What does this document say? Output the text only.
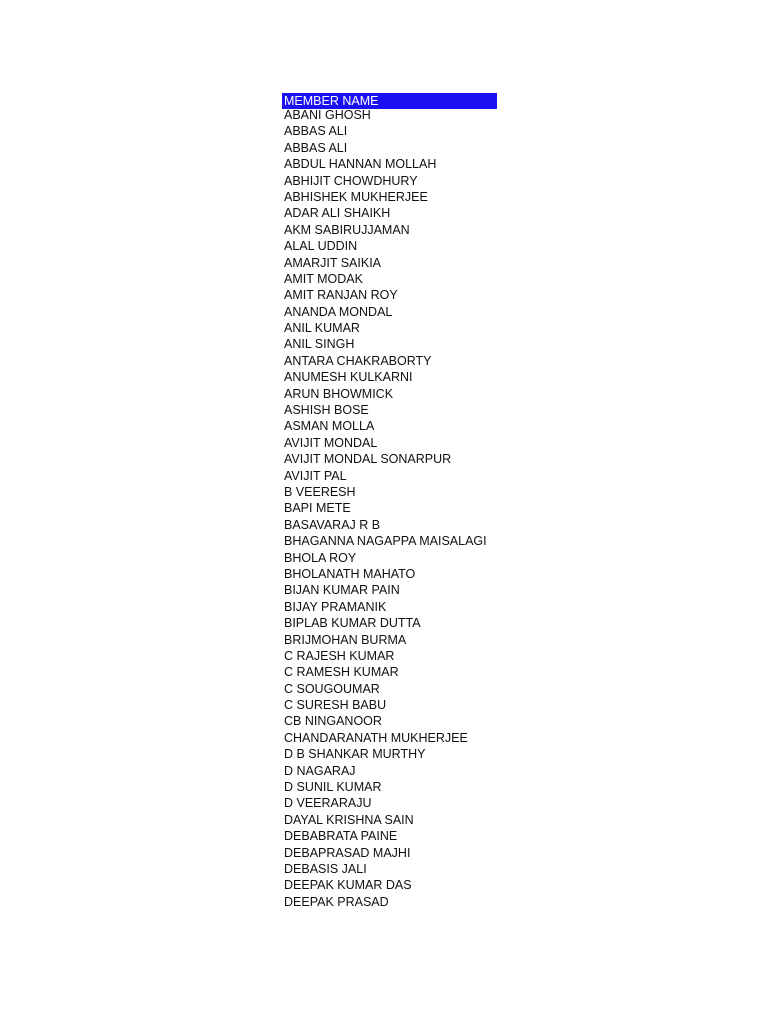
MEMBER NAME
ABANI GHOSH
ABBAS ALI
ABBAS ALI
ABDUL HANNAN MOLLAH
ABHIJIT CHOWDHURY
ABHISHEK MUKHERJEE
ADAR ALI SHAIKH
AKM SABIRUJJAMAN
ALAL UDDIN
AMARJIT SAIKIA
AMIT MODAK
AMIT RANJAN ROY
ANANDA MONDAL
ANIL KUMAR
ANIL SINGH
ANTARA CHAKRABORTY
ANUMESH KULKARNI
ARUN BHOWMICK
ASHISH BOSE
ASMAN MOLLA
AVIJIT MONDAL
AVIJIT MONDAL SONARPUR
AVIJIT PAL
B VEERESH
BAPI METE
BASAVARAJ R B
BHAGANNA NAGAPPA MAISALAGI
BHOLA ROY
BHOLANATH MAHATO
BIJAN KUMAR PAIN
BIJAY PRAMANIK
BIPLAB KUMAR DUTTA
BRIJMOHAN BURMA
C RAJESH KUMAR
C RAMESH KUMAR
C SOUGOUMAR
C SURESH BABU
CB NINGANOOR
CHANDARANATH MUKHERJEE
D B SHANKAR MURTHY
D NAGARAJ
D SUNIL KUMAR
D VEERARAJU
DAYAL KRISHNA SAIN
DEBABRATA PAINE
DEBAPRASAD MAJHI
DEBASIS JALI
DEEPAK KUMAR DAS
DEEPAK PRASAD
